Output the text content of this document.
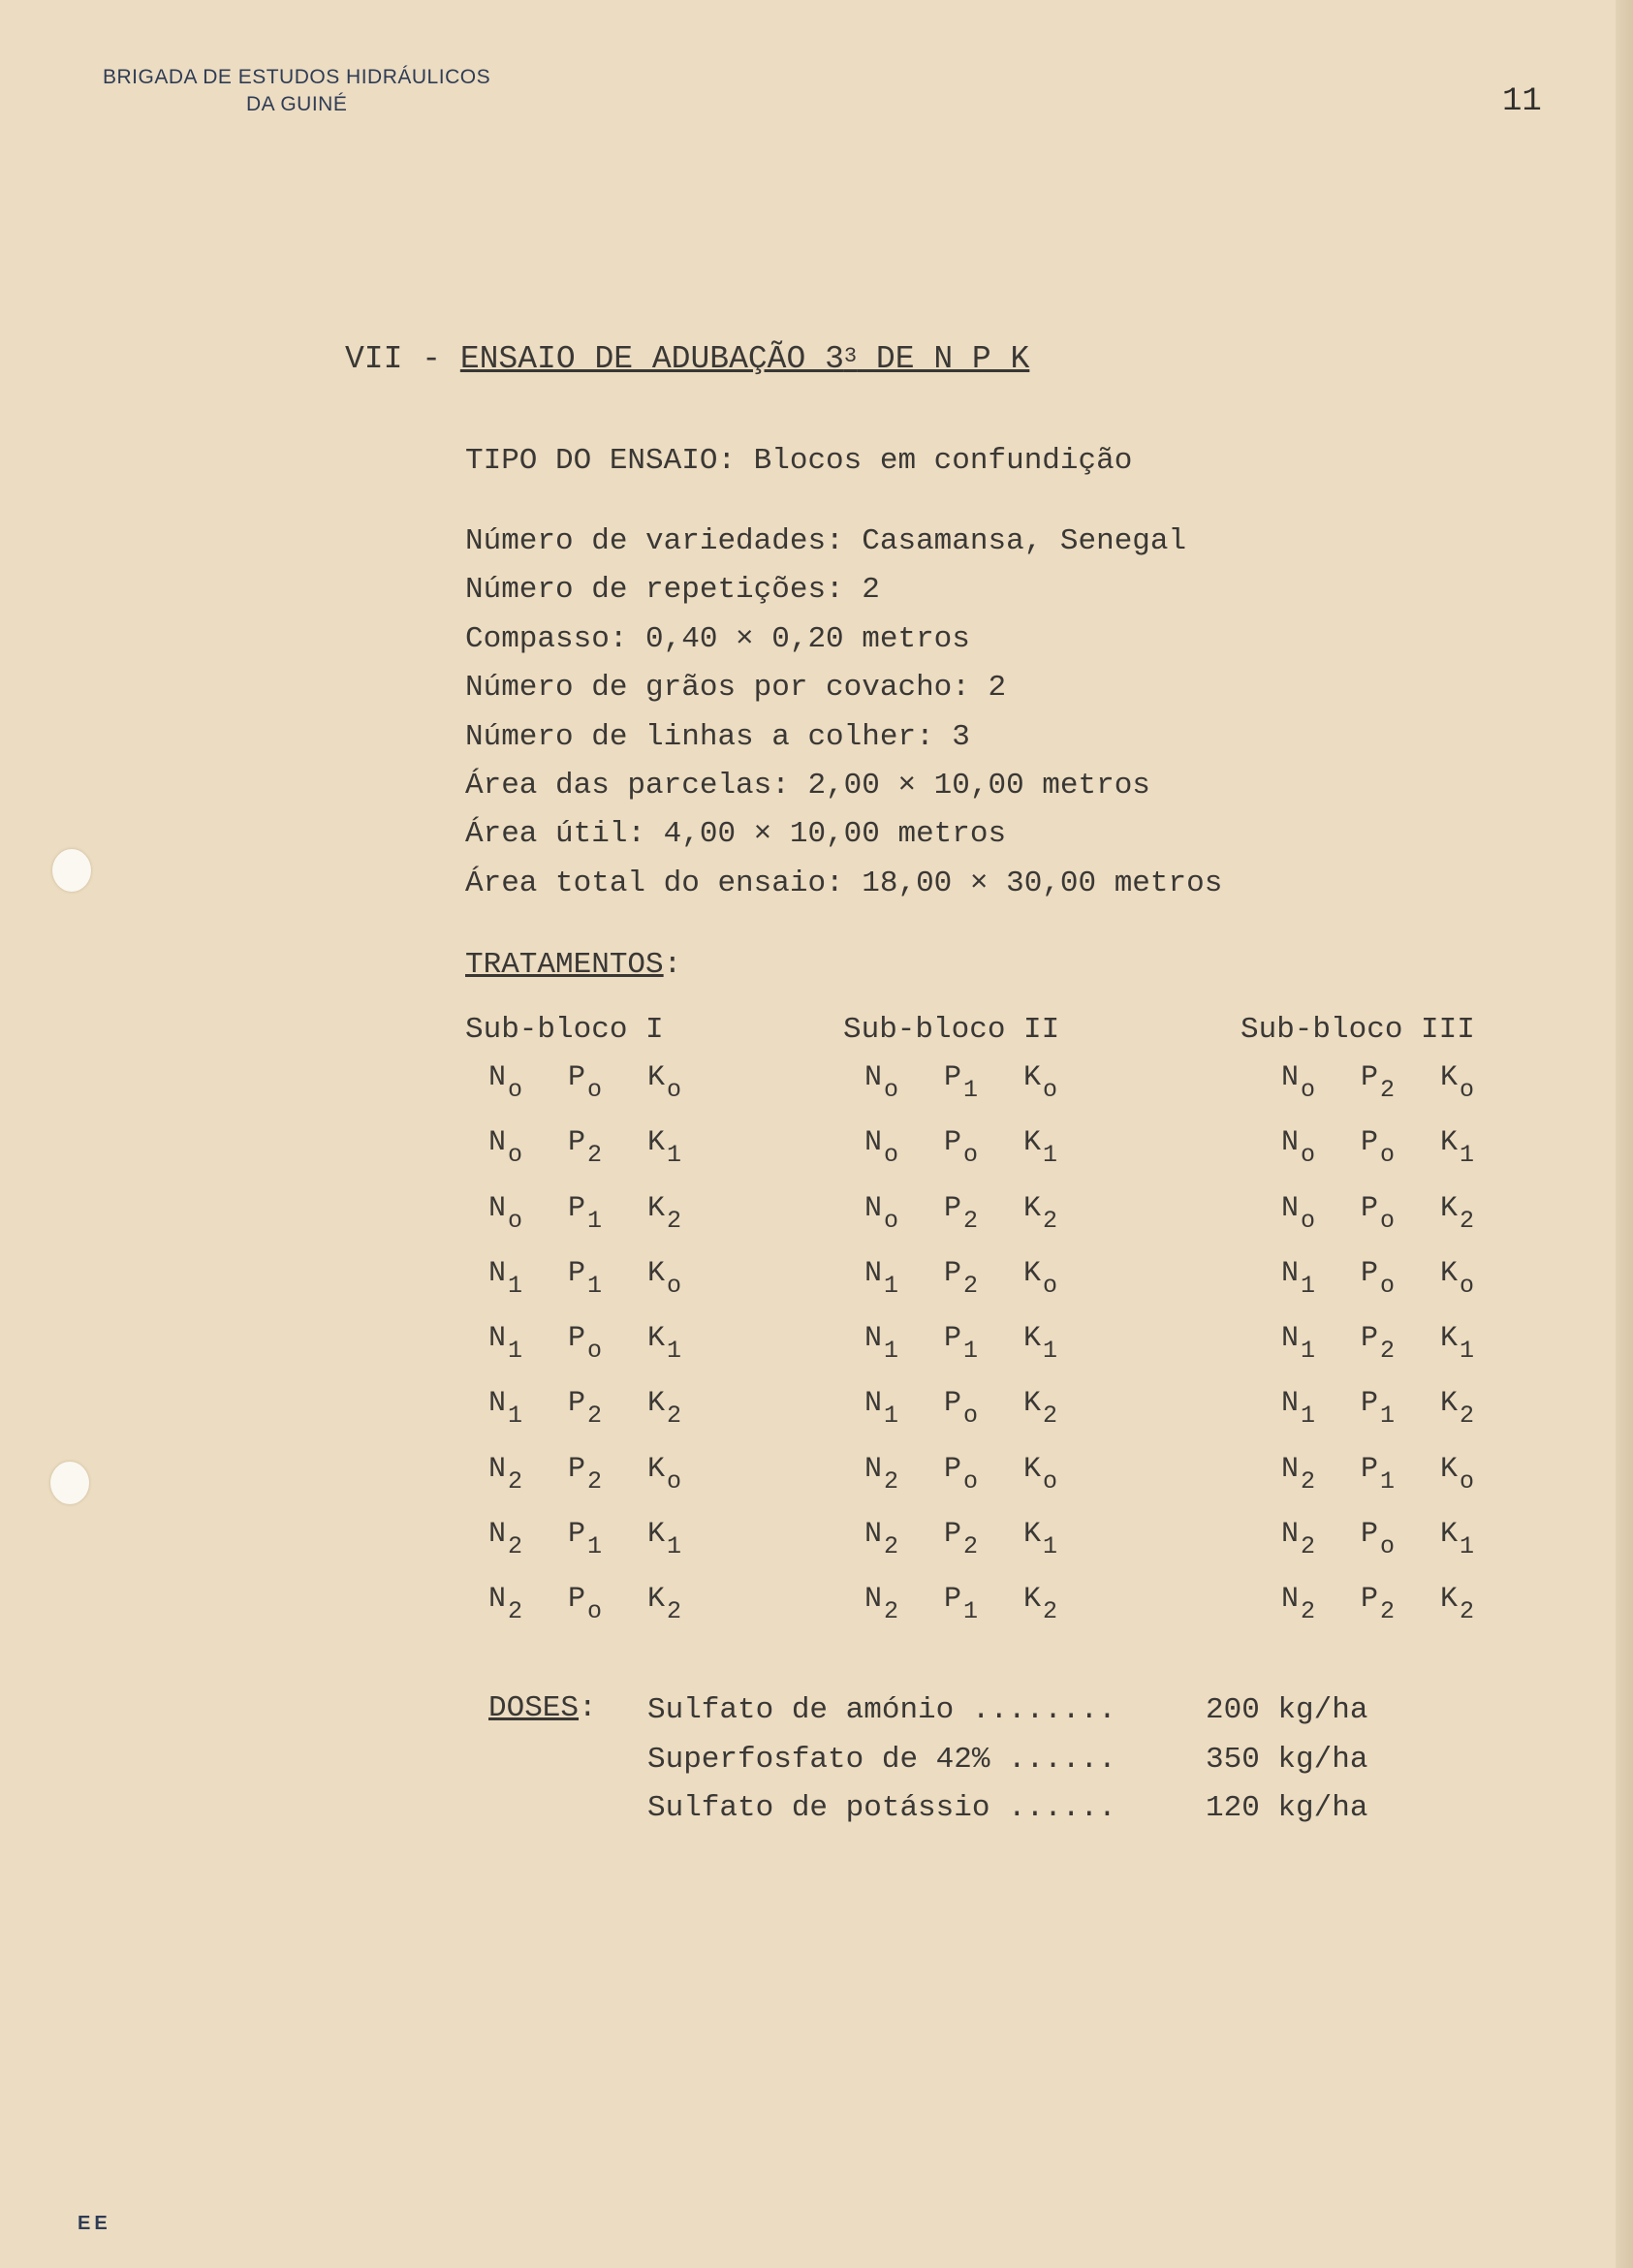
BRIGADA DE ESTUDOS HIDRÁULICOS
DA GUINÉ	11
VII - ENSAIO DE ADUBAÇÃO $3^3$ DE N P K
TIPO DO ENSAIO: Blocos em confundição
Número de variedades: Casamansa, Senegal
Número de repetições: 2
Compasso: 0,40 × 0,20 metros
Número de grãos por covacho: 2
Número de linhas a colher: 3
Área das parcelas: 2,00 × 10,00 metros
Área útil: 4,00 × 10,00 metros
Área total do ensaio: 18,00 × 30,00 metros
TRATAMENTOS:
Sub-bloco I
$N_o$ $P_o$ $K_o$
$N_o$ $P_2$ $K_1$
$N_o$ $P_1$ $K_2$
$N_1$ $P_1$ $K_o$
$N_1$ $P_o$ $K_1$
$N_1$ $P_2$ $K_2$
$N_2$ $P_2$ $K_o$
$N_2$ $P_1$ $K_1$
$N_2$ $P_o$ $K_2$
Sub-bloco II
$N_o$ $P_1$ $K_o$
$N_o$ $P_o$ $K_1$
$N_o$ $P_2$ $K_2$
$N_1$ $P_2$ $K_o$
$N_1$ $P_1$ $K_1$
$N_1$ $P_o$ $K_2$
$N_2$ $P_o$ $K_o$
$N_2$ $P_2$ $K_1$
$N_2$ $P_1$ $K_2$
Sub-bloco III
$N_o$ $P_2$ $K_o$
$N_o$ $P_o$ $K_1$
$N_o$ $P_o$ $K_2$
$N_1$ $P_o$ $K_o$
$N_1$ $P_2$ $K_1$
$N_1$ $P_1$ $K_2$
$N_2$ $P_1$ $K_o$
$N_2$ $P_o$ $K_1$
$N_2$ $P_2$ $K_2$
DOSES: Sulfato de amónio ........	200 kg/ha
Superfosfato de 42% ......	350 kg/ha
Sulfato de potássio ......	120 kg/ha
EE
